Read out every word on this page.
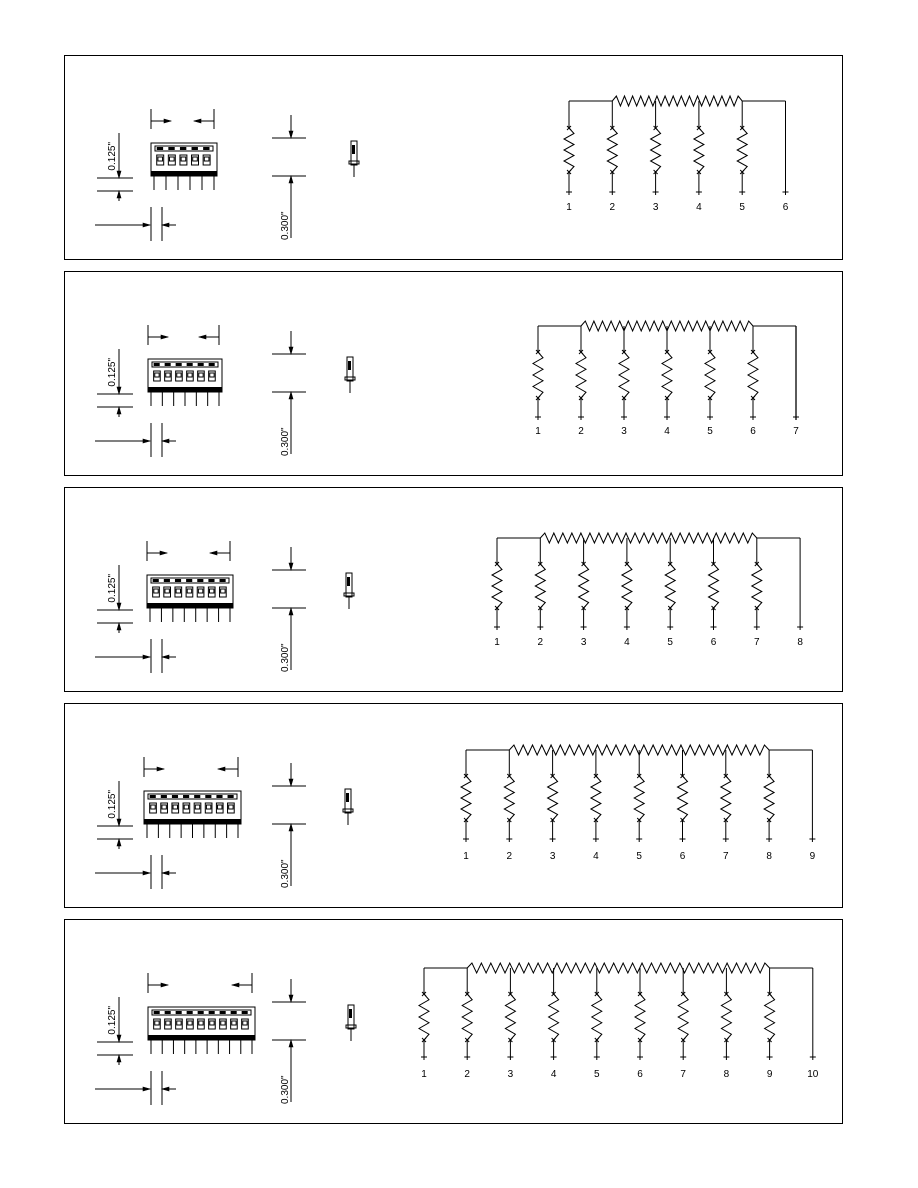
0.125"
0.300"
1	2	3	4	5	6
0.125"
0.300"	1	2	3	4	5	6	7
0.125"
0.300"
1	2	3	4	5	6	7	8
0.125"
0.300"
1	2	3	4	5	6	7	8	9
0.125"
0.300"
1	2	3	4	5	6	7	8	9	10
